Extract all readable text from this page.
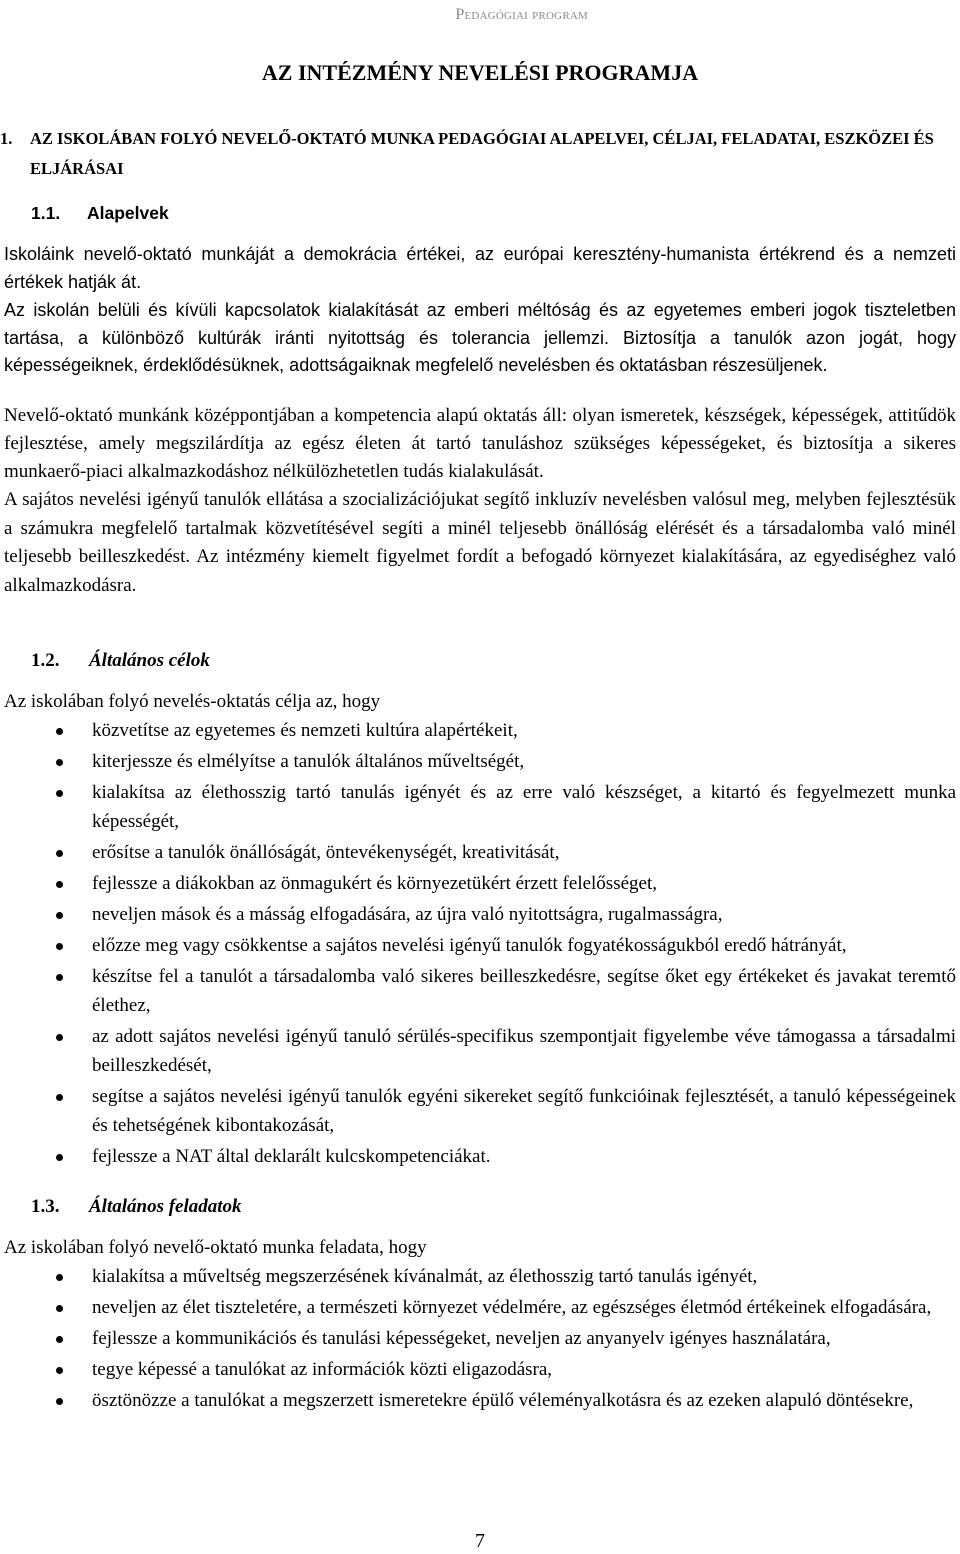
Pedagógiai program
AZ INTÉZMÉNY NEVELÉSI PROGRAMJA
1. AZ ISKOLÁBAN FOLYÓ NEVELŐ-OKTATÓ MUNKA PEDAGÓGIAI ALAPELVEI, CÉLJAI, FELADATAI, ESZKÖZEI ÉS ELJÁRÁSAI
1.1. Alapelvek

Iskoláink nevelő-oktató munkáját a demokrácia értékei, az európai keresztény-humanista értékrend és a nemzeti értékek hatják át.

Az iskolán belüli és kívüli kapcsolatok kialakítását az emberi méltóság és az egyetemes emberi jogok tiszteletben tartása, a különböző kultúrák iránti nyitottság és tolerancia jellemzi. Biztosítja a tanulók azon jogát, hogy képességeiknek, érdeklődésüknek, adottságaiknak megfelelő nevelésben és oktatásban részesüljenek.

Nevelő-oktató munkánk középpontjában a kompetencia alapú oktatás áll: olyan ismeretek, készségek, képességek, attitűdök fejlesztése, amely megszilárdítja az egész életen át tartó tanuláshoz szükséges képességeket, és biztosítja a sikeres munkaerő-piaci alkalmazkodáshoz nélkülözhetetlen tudás kialakulását.

A sajátos nevelési igényű tanulók ellátása a szocializációjukat segítő inkluzív nevelésben valósul meg, melyben fejlesztésük a számukra megfelelő tartalmak közvetítésével segíti a minél teljesebb önállóság elérését és a társadalomba való minél teljesebb beilleszkedést. Az intézmény kiemelt figyelmet fordít a befogadó környezet kialakítására, az egyediséghez való alkalmazkodásra.

1.2. Általános célok

Az iskolában folyó nevelés-oktatás célja az, hogy

közvetítse az egyetemes és nemzeti kultúra alapértékeit,
kiterjessze és elmélyítse a tanulók általános műveltségét,
kialakítsa az élethosszig tartó tanulás igényét és az erre való készséget, a kitartó és fegyelmezett munka képességét,
erősítse a tanulók önállóságát, öntevékenységét, kreativitását,
fejlessze a diákokban az önmagukért és környezetükért érzett felelősséget,
neveljen mások és a másság elfogadására, az újra való nyitottságra, rugalmasságra,
előzze meg vagy csökkentse a sajátos nevelési igényű tanulók fogyatékosságukból eredő hátrányát,
készítse fel a tanulót a társadalomba való sikeres beilleszkedésre, segítse őket egy értékeket és javakat teremtő élethez,
az adott sajátos nevelési igényű tanuló sérülés-specifikus szempontjait figyelembe véve támogassa a társadalmi beilleszkedését,
segítse a sajátos nevelési igényű tanulók egyéni sikereket segítő funkcióinak fejlesztését, a tanuló képességeinek és tehetségének kibontakozását,
fejlessze a NAT által deklarált kulcskompetenciákat.
1.3. Általános feladatok

Az iskolában folyó nevelő-oktató munka feladata, hogy

kialakítsa a műveltség megszerzésének kívánalmát, az élethosszig tartó tanulás igényét,
neveljen az élet tiszteletére, a természeti környezet védelmére, az egészséges életmód értékeinek elfogadására,
fejlessze a kommunikációs és tanulási képességeket, neveljen az anyanyelv igényes használatára,
tegye képessé a tanulókat az információk közti eligazodásra,
ösztönözze a tanulókat a megszerzett ismeretekre épülő véleményalkotásra és az ezeken alapuló döntésekre,
7
